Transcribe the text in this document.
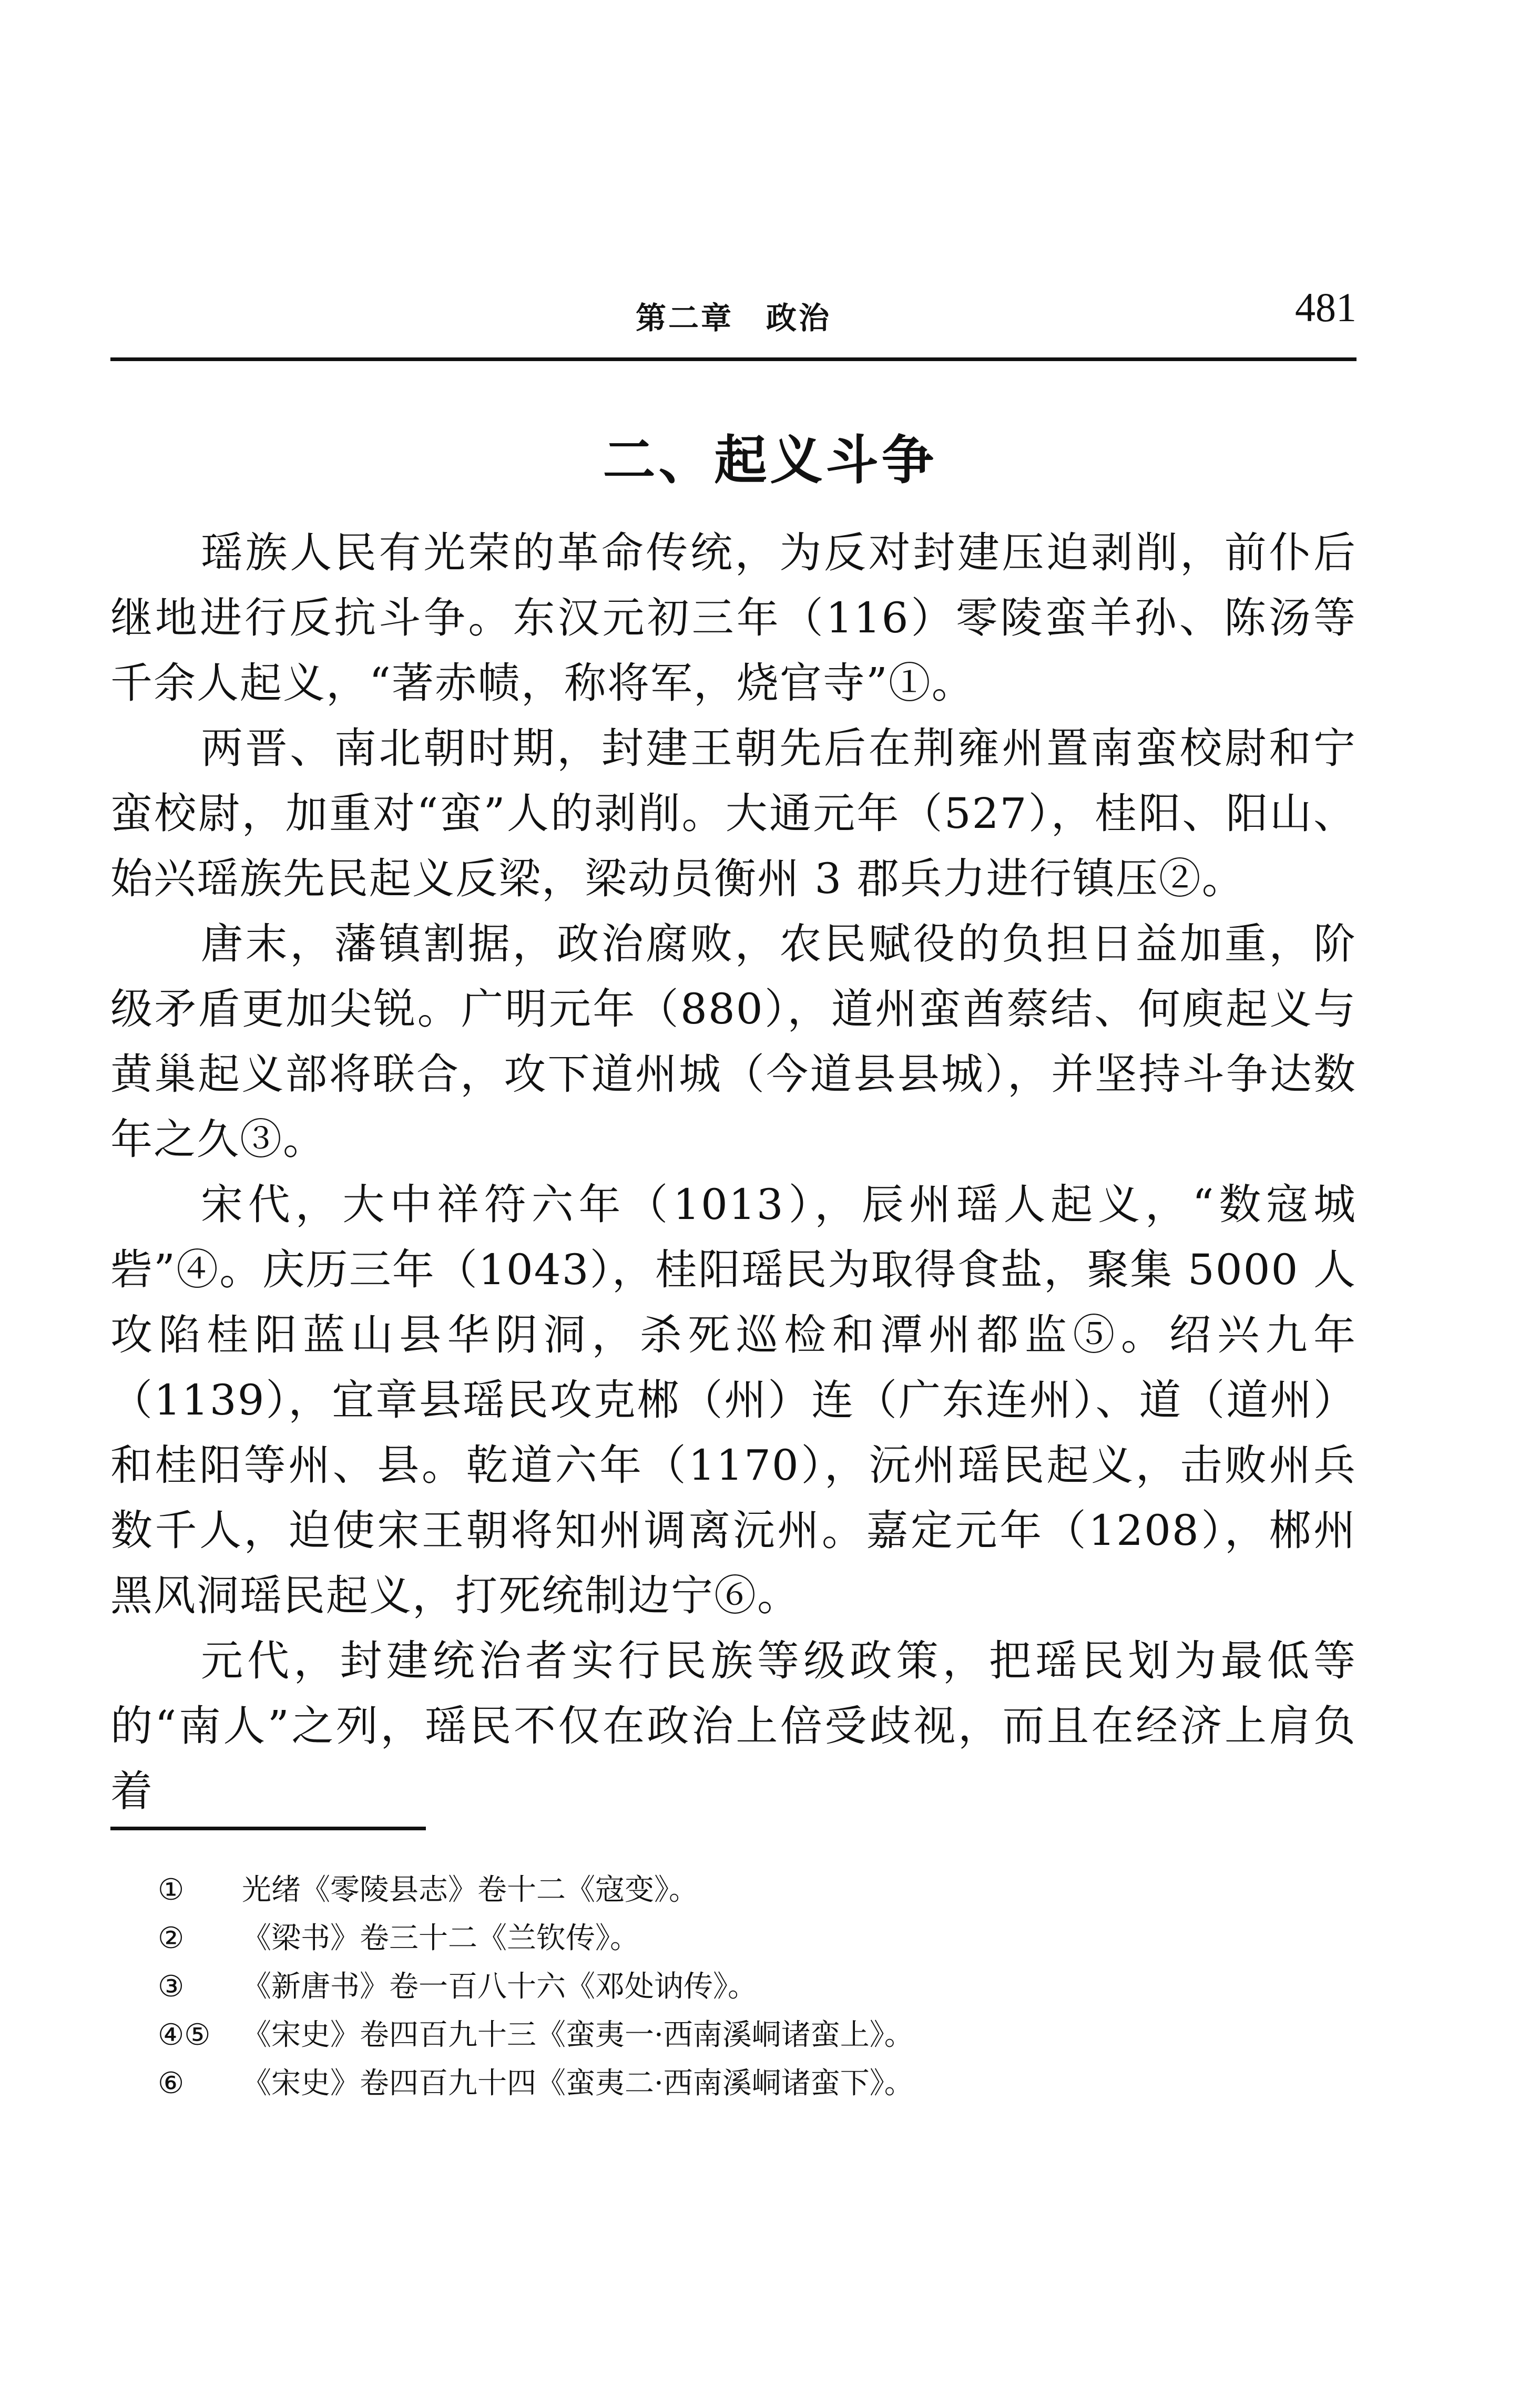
第二章　政治	481
二、起义斗争

瑶族人民有光荣的革命传统，为反对封建压迫剥削，前仆后继地进行反抗斗争。东汉元初三年（116）零陵蛮羊孙、陈汤等千余人起义，“著赤帻，称将军，烧官寺”①。

两晋、南北朝时期，封建王朝先后在荆雍州置南蛮校尉和宁蛮校尉，加重对“蛮”人的剥削。大通元年（527），桂阳、阳山、始兴瑶族先民起义反梁，梁动员衡州 3 郡兵力进行镇压②。

唐末，藩镇割据，政治腐败，农民赋役的负担日益加重，阶级矛盾更加尖锐。广明元年（880），道州蛮酋蔡结、何庾起义与黄巢起义部将联合，攻下道州城（今道县县城），并坚持斗争达数年之久③。

宋代，大中祥符六年（1013），辰州瑶人起义，“数寇城砦”④。庆历三年（1043），桂阳瑶民为取得食盐，聚集 5000 人攻陷桂阳蓝山县华阴洞，杀死巡检和潭州都监⑤。绍兴九年（1139），宜章县瑶民攻克郴（州）连（广东连州）、道（道州）和桂阳等州、县。乾道六年（1170），沅州瑶民起义，击败州兵数千人，迫使宋王朝将知州调离沅州。嘉定元年（1208），郴州黑风洞瑶民起义，打死统制边宁⑥。

元代，封建统治者实行民族等级政策，把瑶民划为最低等的“南人”之列，瑶民不仅在政治上倍受歧视，而且在经济上肩负着

① 光绪《零陵县志》卷十二《寇变》。
② 《梁书》卷三十二《兰钦传》。
③ 《新唐书》卷一百八十六《邓处讷传》。
④⑤ 《宋史》卷四百九十三《蛮夷一·西南溪峒诸蛮上》。
⑥ 《宋史》卷四百九十四《蛮夷二·西南溪峒诸蛮下》。
